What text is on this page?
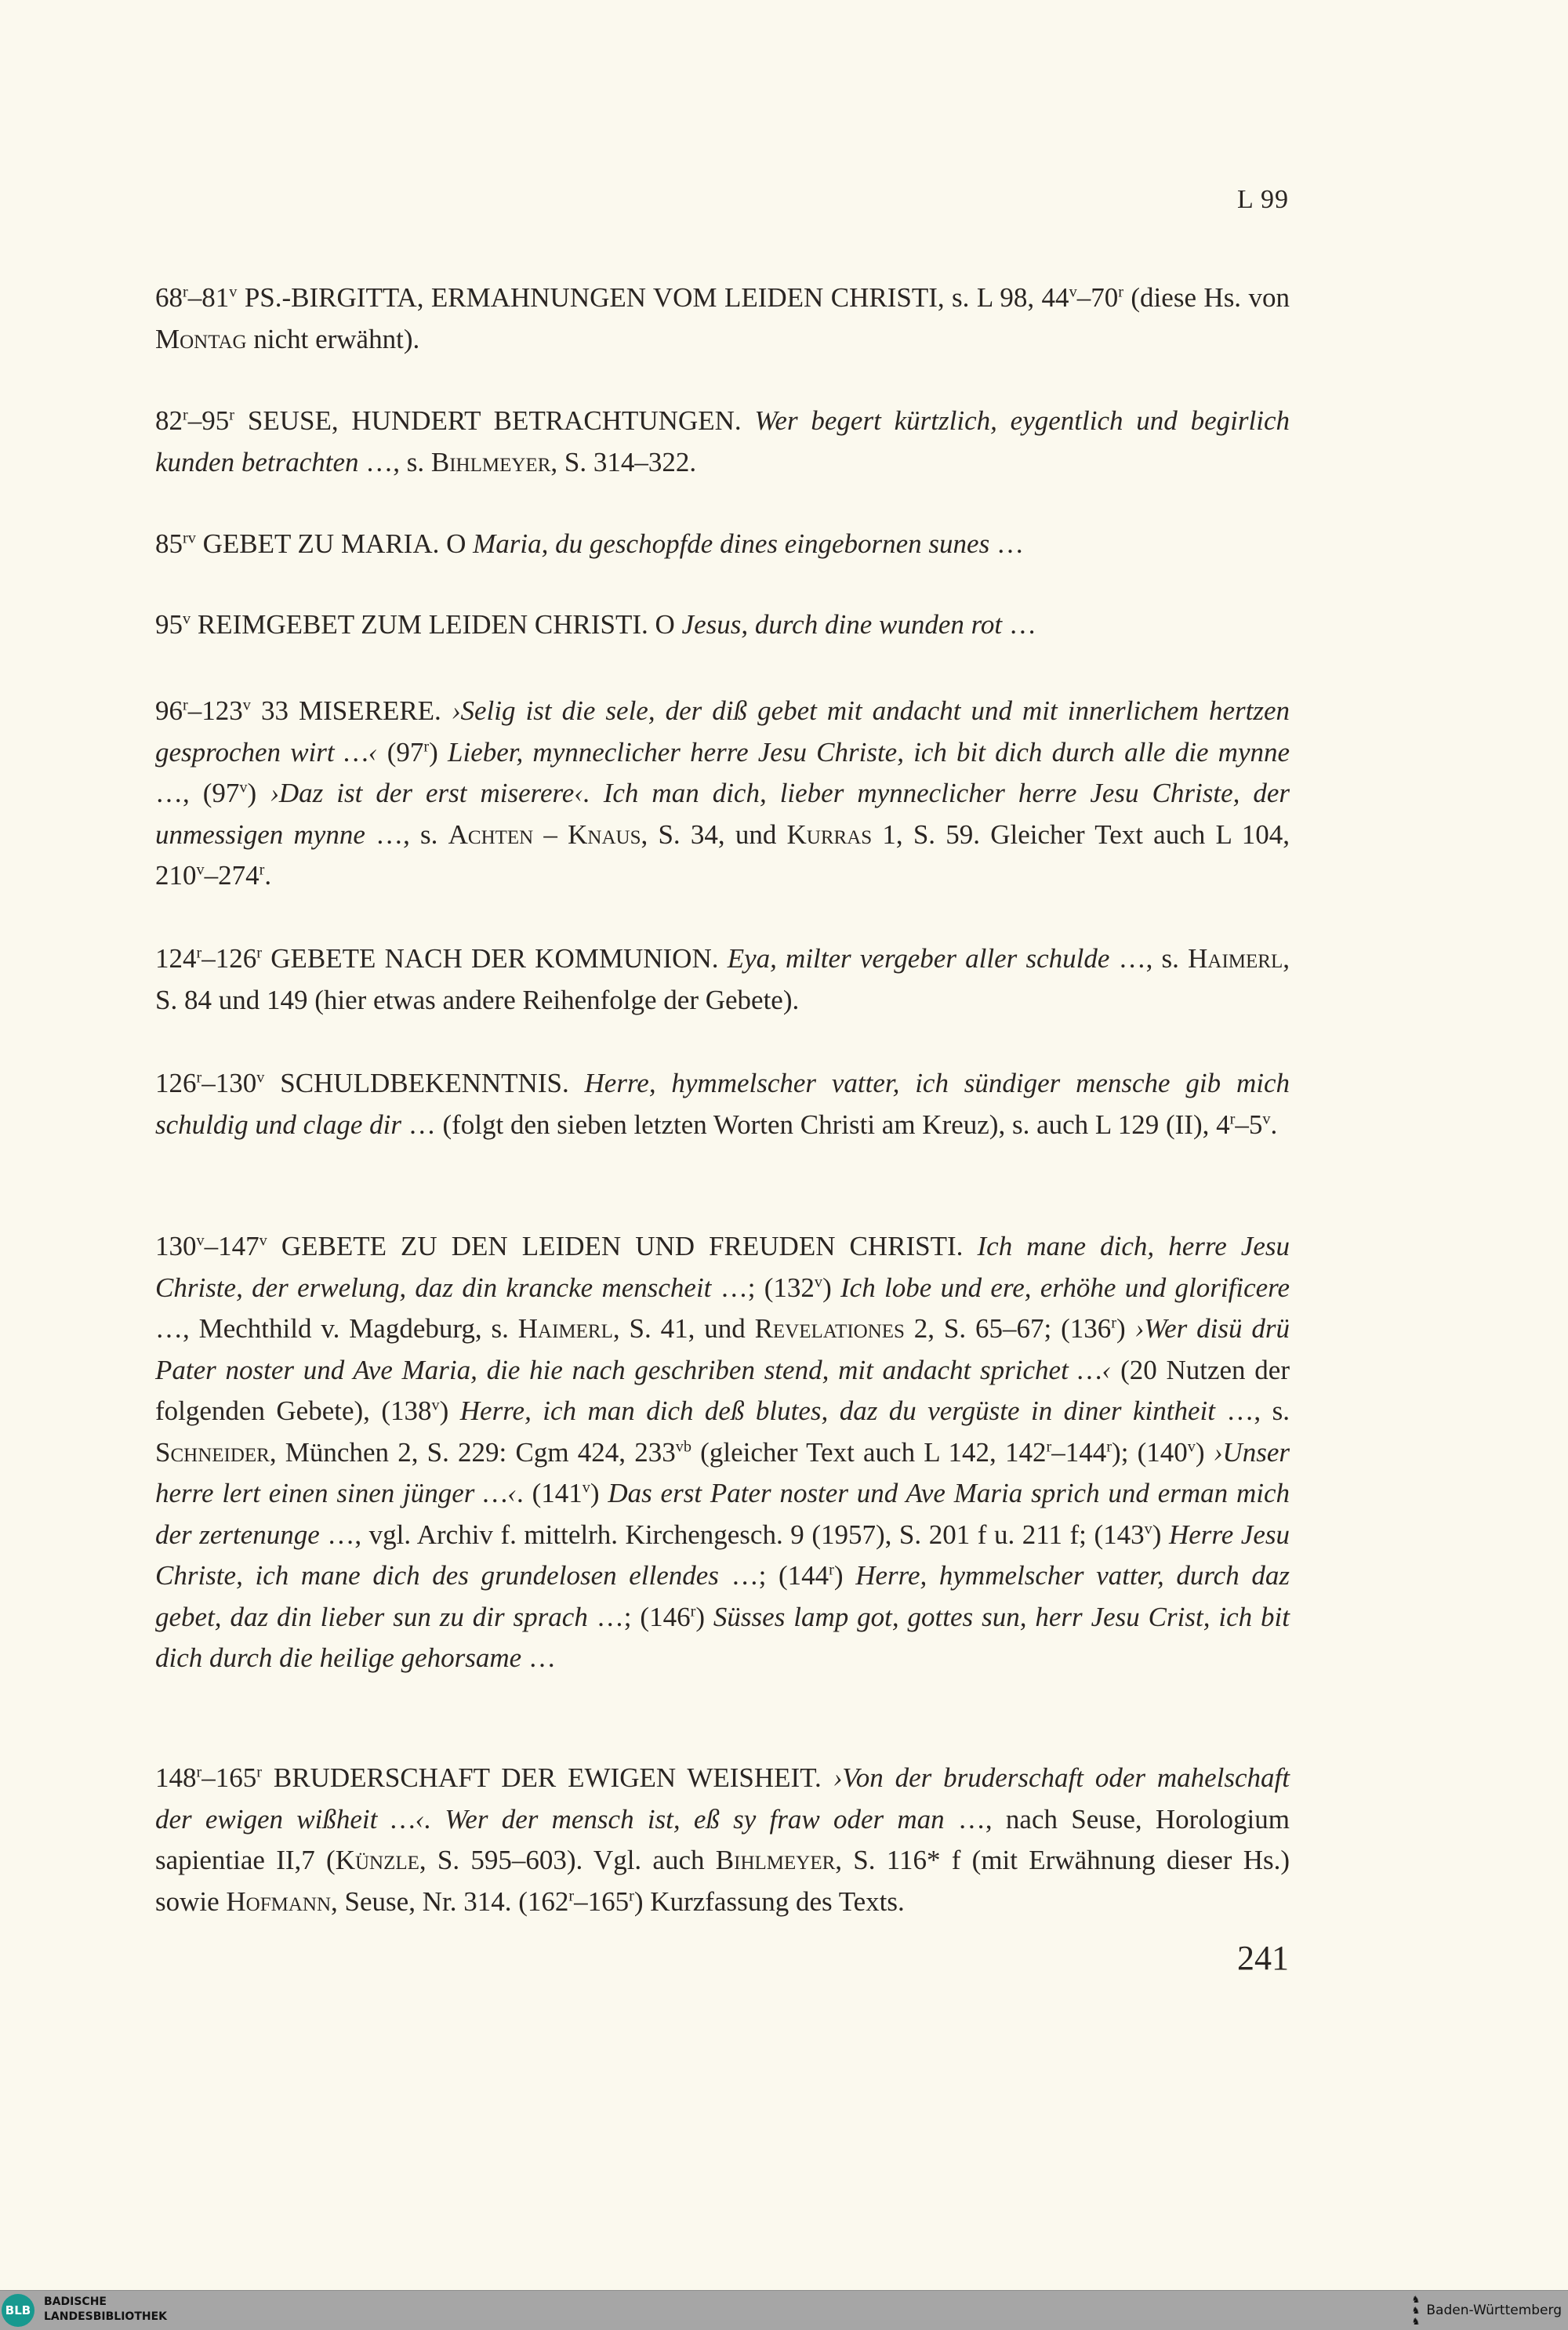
L 99
68$^r$–81$^v$ PS.-BIRGITTA, ERMAHNUNGEN VOM LEIDEN CHRISTI, s. L 98, 44$^v$–70$^r$ (diese Hs. von Montag nicht erwähnt).
82$^r$–95$^r$ SEUSE, HUNDERT BETRACHTUNGEN. Wer begert kürtzlich, eygentlich und begirlich kunden betrachten …, s. Bihlmeyer, S. 314–322.
$85^{rv}$ GEBET ZU MARIA. O Maria, du geschopfde dines eingebornen sunes …
95$^v$ REIMGEBET ZUM LEIDEN CHRISTI. O Jesus, durch dine wunden rot …
96$^r$–123$^v$ 33 MISERERE. ›Selig ist die sele, der diß gebet mit andacht und mit innerlichem hertzen gesprochen wirt …‹ (97$^r$) Lieber, mynneclicher herre Jesu Christe, ich bit dich durch alle die mynne …, (97$^v$) ›Daz ist der erst miserere‹. Ich man dich, lieber mynneclicher herre Jesu Christe, der unmessigen mynne …, s. Achten – Knaus, S. 34, und Kurras 1, S. 59. Gleicher Text auch L 104, 210$^v$–274$^r$.
124$^r$–126$^r$ GEBETE NACH DER KOMMUNION. Eya, milter vergeber aller schulde …, s. Haimerl, S. 84 und 149 (hier etwas andere Reihenfolge der Gebete).
126$^r$–130$^v$ SCHULDBEKENNTNIS. Herre, hymmelscher vatter, ich sündiger mensche gib mich schuldig und clage dir … (folgt den sieben letzten Worten Christi am Kreuz), s. auch L 129 (II), 4$^r$–5$^v$.
130$^v$–147$^v$ GEBETE ZU DEN LEIDEN UND FREUDEN CHRISTI. Ich mane dich, herre Jesu Christe, der erwelung, daz din krancke menscheit …; (132$^v$) Ich lobe und ere, erhöhe und glorificere …, Mechthild v. Magdeburg, s. Haimerl, S. 41, und Revelationes 2, S. 65–67; (136$^r$) ›Wer disü drü Pater noster und Ave Maria, die hie nach geschriben stend, mit andacht sprichet …‹ (20 Nutzen der folgenden Gebete), (138$^v$) Herre, ich man dich deß blutes, daz du vergüste in diner kintheit …, s. Schneider, München 2, S. 229: Cgm 424, $233^{vb}$ (gleicher Text auch L 142, 142$^r$–144$^r$); (140$^v$) ›Unser herre lert einen sinen jünger …‹. (141$^v$) Das erst Pater noster und Ave Maria sprich und erman mich der zertenunge …, vgl. Archiv f. mittelrh. Kirchengesch. 9 (1957), S. 201 f u. 211 f; (143$^v$) Herre Jesu Christe, ich mane dich des grundelosen ellendes …; (144$^r$) Herre, hymmelscher vatter, durch daz gebet, daz din lieber sun zu dir sprach …; (146$^r$) Süsses lamp got, gottes sun, herr Jesu Crist, ich bit dich durch die heilige gehorsame …
148$^r$–165$^r$ BRUDERSCHAFT DER EWIGEN WEISHEIT. ›Von der bruderschaft oder mahelschaft der ewigen wißheit …‹. Wer der mensch ist, eß sy fraw oder man …, nach Seuse, Horologium sapientiae II,7 (Künzle, S. 595–603). Vgl. auch Bihlmeyer, S. 116* f (mit Erwähnung dieser Hs.) sowie Hofmann, Seuse, Nr. 314. (162$^r$–165$^r$) Kurzfassung des Texts.
241
BLB
BADISCHE
LANDESBIBLIOTHEK
♞
♞
♞
Baden-Württemberg
